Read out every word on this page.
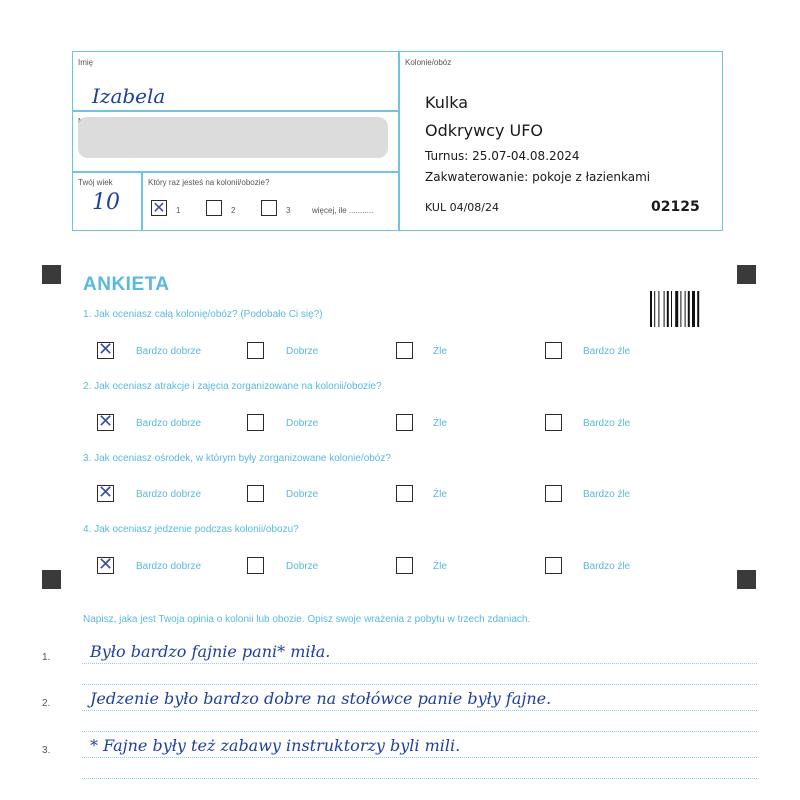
Imię
Izabela
Twój wiek
10
Który raz jesteś na kolonii/obozie?
✕ 1	2	3	więcej, ile ...........
Kolonie/obóz
Kulka
Odkrywcy UFO
Turnus: 25.07-04.08.2024
Zakwaterowanie: pokoje z łazienkami
KUL 04/08/24	02125
ANKIETA
1. Jak oceniasz całą kolonię/obóz? (Podobało Ci się?)
✕ Bardzo dobrze	Dobrze	Źle	Bardzo źle
2. Jak oceniasz atrakcje i zajęcia zorganizowane na kolonii/obozie?
✕ Bardzo dobrze	Dobrze	Źle	Bardzo źle
3. Jak oceniasz ośrodek, w którym były zorganizowane kolonie/obóz?
✕ Bardzo dobrze	Dobrze	Źle	Bardzo źle
4. Jak oceniasz jedzenie podczas kolonii/obozu?
✕ Bardzo dobrze	Dobrze	Źle	Bardzo źle
Napisz, jaka jest Twoja opinia o kolonii lub obozie. Opisz swoje wrażenia z pobytu w trzech zdaniach.
1. Było bardzo fajnie pani* miła.
2. Jedzenie było bardzo dobre na stołówce panie były fajne.
3. * Fajne były też zabawy instruktorzy byli mili.
